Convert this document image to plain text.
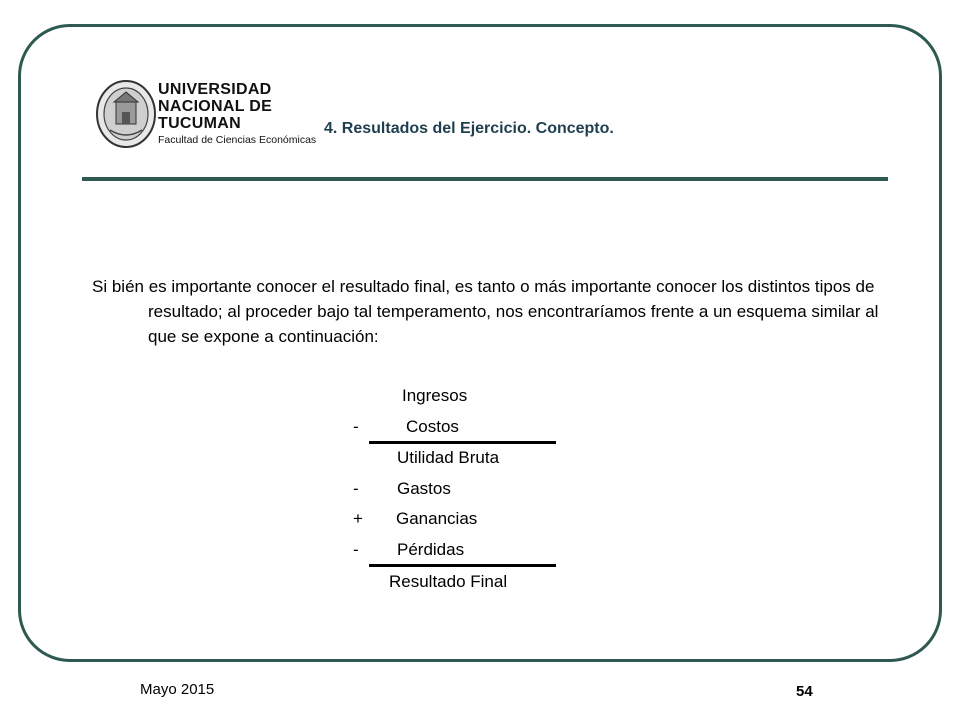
UNIVERSIDAD
NACIONAL DE
TUCUMAN
Facultad de Ciencias Económicas
4. Resultados del Ejercicio. Concepto.
Si bién es importante conocer el resultado final, es tanto o más importante conocer los distintos tipos de resultado; al proceder bajo tal temperamento, nos encontraríamos frente a un esquema similar al que se expone a continuación:
Ingresos
-	Costos
Utilidad Bruta
- Gastos
+ Ganancias
- Pérdidas
Resultado Final
Mayo 2015	54
